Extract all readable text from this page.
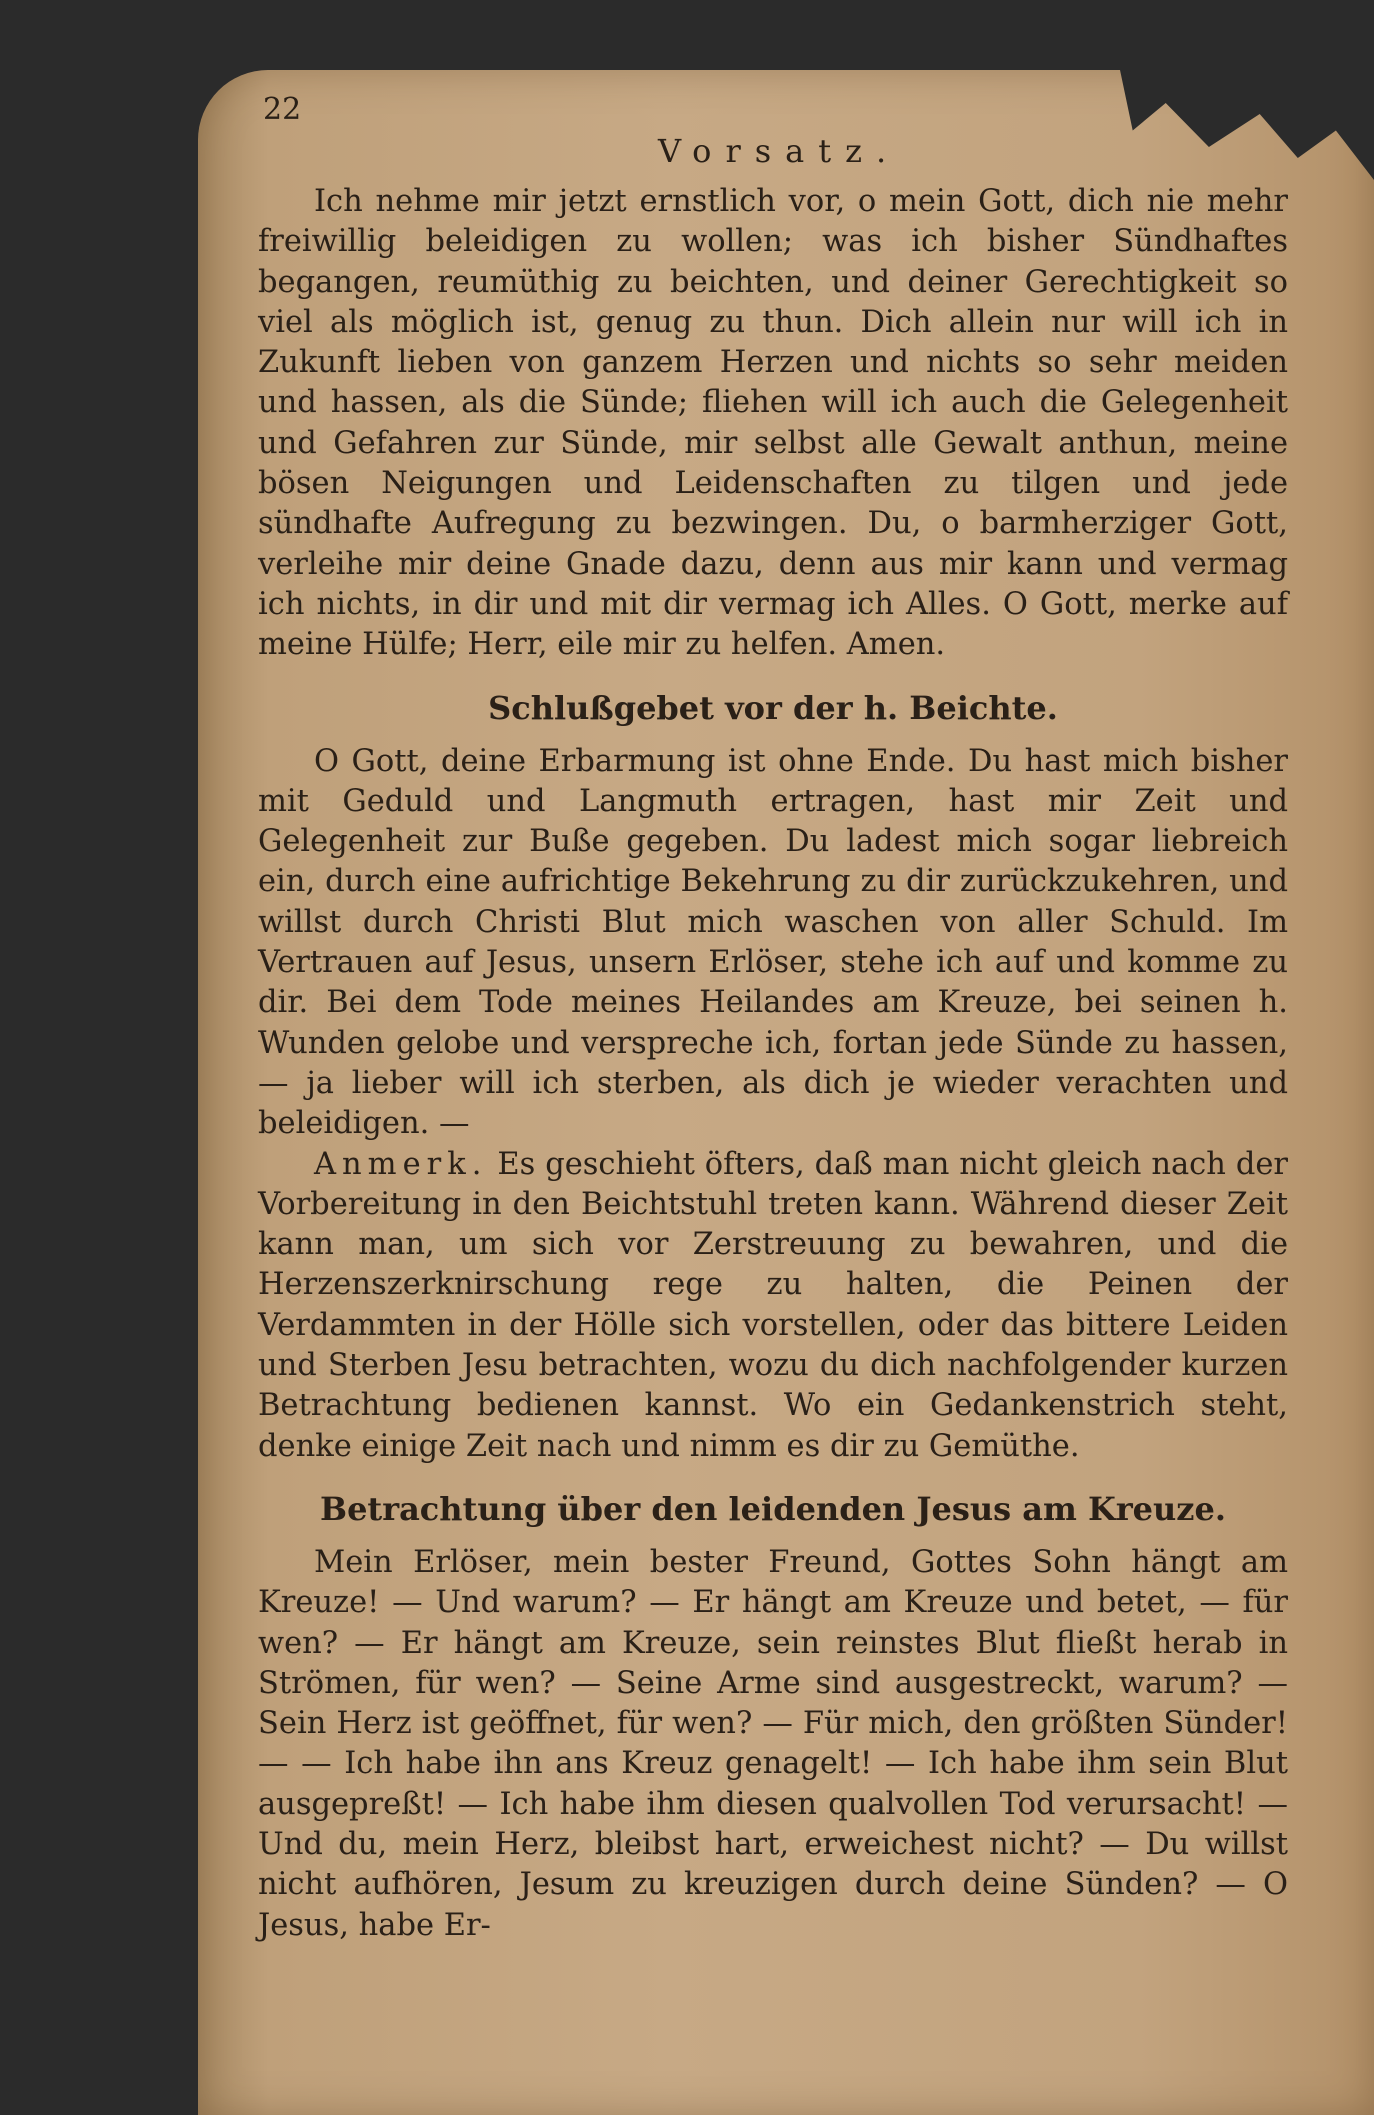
22
Vorsatz.

Ich nehme mir jetzt ernstlich vor, o mein Gott, dich nie mehr freiwillig beleidigen zu wollen; was ich bisher Sündhaftes begangen, reumüthig zu beichten, und deiner Gerechtigkeit so viel als möglich ist, genug zu thun. Dich allein nur will ich in Zukunft lieben von ganzem Herzen und nichts so sehr meiden und hassen, als die Sünde; fliehen will ich auch die Gelegenheit und Gefahren zur Sünde, mir selbst alle Gewalt anthun, meine bösen Neigungen und Leidenschaften zu tilgen und jede sündhafte Aufregung zu bezwingen. Du, o barmherziger Gott, verleihe mir deine Gnade dazu, denn aus mir kann und vermag ich nichts, in dir und mit dir vermag ich Alles. O Gott, merke auf meine Hülfe; Herr, eile mir zu helfen. Amen.

Schlußgebet vor der h. Beichte.

O Gott, deine Erbarmung ist ohne Ende. Du hast mich bisher mit Geduld und Langmuth ertragen, hast mir Zeit und Gelegenheit zur Buße gegeben. Du ladest mich sogar liebreich ein, durch eine aufrichtige Bekehrung zu dir zurückzukehren, und willst durch Christi Blut mich waschen von aller Schuld. Im Vertrauen auf Jesus, unsern Erlöser, stehe ich auf und komme zu dir. Bei dem Tode meines Heilandes am Kreuze, bei seinen h. Wunden gelobe und verspreche ich, fortan jede Sünde zu hassen, — ja lieber will ich sterben, als dich je wieder verachten und beleidigen. —

Anmerk. Es geschieht öfters, daß man nicht gleich nach der Vorbereitung in den Beichtstuhl treten kann. Während dieser Zeit kann man, um sich vor Zerstreuung zu bewahren, und die Herzenszerknirschung rege zu halten, die Peinen der Verdammten in der Hölle sich vorstellen, oder das bittere Leiden und Sterben Jesu betrachten, wozu du dich nachfolgender kurzen Betrachtung bedienen kannst. Wo ein Gedankenstrich steht, denke einige Zeit nach und nimm es dir zu Gemüthe.

Betrachtung über den leidenden Jesus am Kreuze.

Mein Erlöser, mein bester Freund, Gottes Sohn hängt am Kreuze! — Und warum? — Er hängt am Kreuze und betet, — für wen? — Er hängt am Kreuze, sein reinstes Blut fließt herab in Strömen, für wen? — Seine Arme sind ausgestreckt, warum? — Sein Herz ist geöffnet, für wen? — Für mich, den größten Sünder! — — Ich habe ihn ans Kreuz genagelt! — Ich habe ihm sein Blut ausgepreßt! — Ich habe ihm diesen qualvollen Tod verursacht! — Und du, mein Herz, bleibst hart, erweichest nicht? — Du willst nicht aufhören, Jesum zu kreuzigen durch deine Sünden? — O Jesus, habe Er-
